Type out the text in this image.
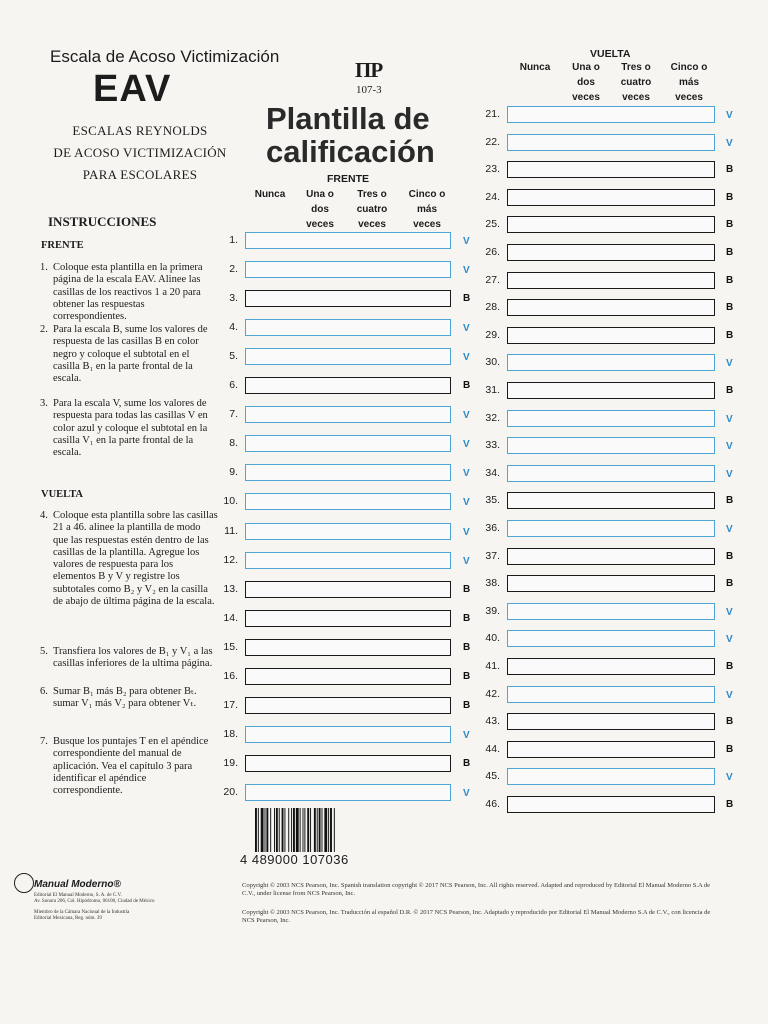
Escala de Acoso Victimización
EAV
ESCALAS REYNOLDS
DE ACOSO VICTIMIZACIÓN
PARA ESCOLARES
ΠΡ
107-3
Plantilla de
calificación
INSTRUCCIONES
FRENTE
1. Coloque esta plantilla en la primera página de la escala EAV. Alinee las casillas de los reactivos 1 a 20 para obtener las respuestas correspondientes.
2. Para la escala B, sume los valores de respuesta de las casillas B en color negro y coloque el subtotal en el casilla B₁ en la parte frontal de la escala.
3. Para la escala V, sume los valores de respuesta para todas las casillas V en color azul y coloque el subtotal en la casilla V₁ en la parte frontal de la escala.
VUELTA
4. Coloque esta plantilla sobre las casillas 21 a 46. alinee la plantilla de modo que las respuestas estén dentro de las casillas de la plantilla. Agregue los valores de respuesta para los elementos B y V y registre los subtotales como B₂ y V₂ en la casilla de abajo de última página de la escala.
5. Transfiera los valores de B₁ y V₁ a las casillas inferiores de la ultima página.
6. Sumar B₁ más B₂ para obtener Bₜ. sumar V₁ más V₂ para obtener Vₜ.
7. Busque los puntajes T en el apéndice correspondiente del manual de aplicación. Vea el capítulo 3 para identificar el apéndice correspondiente.
FRENTE
Nunca	Una o dos veces
Tres o cuatro veces
Cinco o más veces
VUELTA
Nunca	Una o dos veces
Tres o cuatro veces
Cinco o más veces
1.	V
2.	V
3.	B
4.	V
5.	V
6.	B
7.	V
8.	V
9.	V
10.	V
11.	V
12.	V
13.	B
14.	B
15.	B
16.	B
17.	B
18.	V
19.	B
20.	V
21.	V
22.	V
23.	B
24.	B
25.	B
26.	B
27.	B
28.	B
29.	B
30.	V
31.	B
32.	V
33.	V
34.	V
35.	B
36.	V
37.	B
38.	B
39.	V
40.	V
41.	B
42.	V
43.	B
44.	B
45.	V
46.	B
4 489000 107036
Manual Moderno®
Editorial El Manual Moderno, S. A. de C.V.
Av. Sonora 206, Col. Hipódromo, 06100, Ciudad de México
Miembro de la Cámara Nacional de la Industria
Editorial Mexicana, Reg. núm. 39
Copyright © 2003 NCS Pearson, Inc. Spanish translation copyright © 2017 NCS Pearson, Inc. All rights reserved. Adapted and reproduced by Editorial El Manual Moderno S.A de C.V., under license from NCS Pearson, Inc.
Copyright © 2003 NCS Pearson, Inc. Traducción al español D.R. © 2017 NCS Pearson, Inc. Adaptado y reproducido por Editorial El Manual Moderno S.A de C.V., con licencia de NCS Pearson, Inc.
